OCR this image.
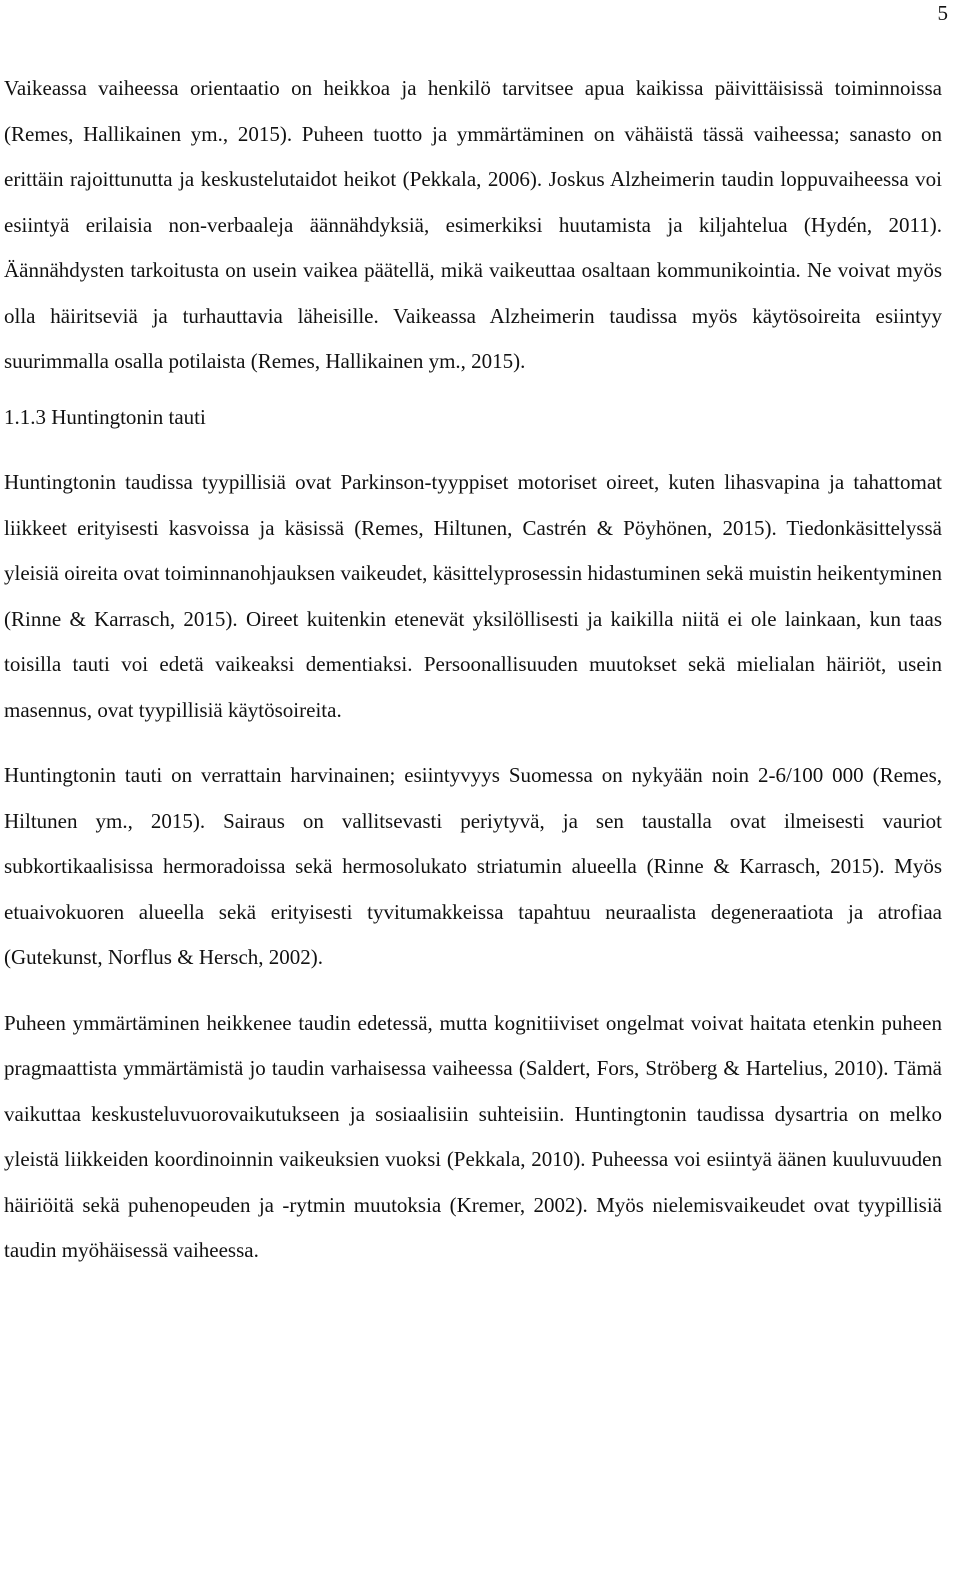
5

Vaikeassa vaiheessa orientaatio on heikkoa ja henkilö tarvitsee apua kaikissa päivittäisissä toiminnoissa (Remes, Hallikainen ym., 2015). Puheen tuotto ja ymmärtäminen on vähäistä tässä vaiheessa; sanasto on erittäin rajoittunutta ja keskustelutaidot heikot (Pekkala, 2006). Joskus Alzheimerin taudin loppuvaiheessa voi esiintyä erilaisia non-verbaaleja äännähdyksiä, esimerkiksi huutamista ja kiljahtelua (Hydén, 2011). Äännähdysten tarkoitusta on usein vaikea päätellä, mikä vaikeuttaa osaltaan kommunikointia. Ne voivat myös olla häiritseviä ja turhauttavia läheisille. Vaikeassa Alzheimerin taudissa myös käytösoireita esiintyy suurimmalla osalla potilaista (Remes, Hallikainen ym., 2015).

1.1.3 Huntingtonin tauti

Huntingtonin taudissa tyypillisiä ovat Parkinson-tyyppiset motoriset oireet, kuten lihasvapina ja tahattomat liikkeet erityisesti kasvoissa ja käsissä (Remes, Hiltunen, Castrén & Pöyhönen, 2015). Tiedonkäsittelyssä yleisiä oireita ovat toiminnanohjauksen vaikeudet, käsittelyprosessin hidastuminen sekä muistin heikentyminen (Rinne & Karrasch, 2015). Oireet kuitenkin etenevät yksilöllisesti ja kaikilla niitä ei ole lainkaan, kun taas toisilla tauti voi edetä vaikeaksi dementiaksi. Persoonallisuuden muutokset sekä mielialan häiriöt, usein masennus, ovat tyypillisiä käytösoireita.

Huntingtonin tauti on verrattain harvinainen; esiintyvyys Suomessa on nykyään noin 2-6/100 000 (Remes, Hiltunen ym., 2015). Sairaus on vallitsevasti periytyvä, ja sen taustalla ovat ilmeisesti vauriot subkortikaalisissa hermoradoissa sekä hermosolukato striatumin alueella (Rinne & Karrasch, 2015). Myös etuaivokuoren alueella sekä erityisesti tyvitumakkeissa tapahtuu neuraalista degeneraatiota ja atrofiaa (Gutekunst, Norflus & Hersch, 2002).

Puheen ymmärtäminen heikkenee taudin edetessä, mutta kognitiiviset ongelmat voivat haitata etenkin puheen pragmaattista ymmärtämistä jo taudin varhaisessa vaiheessa (Saldert, Fors, Ströberg & Hartelius, 2010). Tämä vaikuttaa keskusteluvuorovaikutukseen ja sosiaalisiin suhteisiin. Huntingtonin taudissa dysartria on melko yleistä liikkeiden koordinoinnin vaikeuksien vuoksi (Pekkala, 2010). Puheessa voi esiintyä äänen kuuluvuuden häiriöitä sekä puhenopeuden ja -rytmin muutoksia (Kremer, 2002). Myös nielemisvaikeudet ovat tyypillisiä taudin myöhäisessä vaiheessa.
